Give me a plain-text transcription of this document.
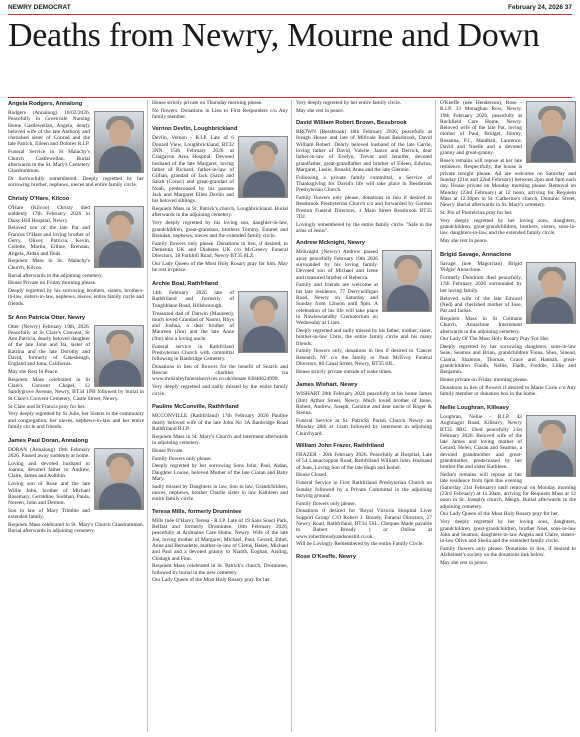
NEWRY DEMOCRAT	February 24, 2026 37
Deaths from Newry, Mourne and Down
Angela Rodgers, Annalong

Rodgers (Annalong) 16/02/2026. Peacefully in Greenvale Nursing Home Castlewellan, Angela, dearly beloved wife of the late Anthony and cherished sister of Conrad and the late Patrick, Eileen and Dolores R.I.P.

Funeral Service in St Malachy's Church Castlewellan. Burial afterwards in the St. Mary's Cemetery Glasdrumman.

Dr Sorrowfully remembered. Deeply regretted by her sorrowing brother, nephews, nieces and entire family circle.

Christy O'Hare, Kilcoo

O'Hare (Kilcoo) Christy died suddenly 17th February 2026 in Daisy Hill Hospital, Newry.

Beloved son of the late Pat and Frances O'Hare and loving brother of Gerry, Oliver, Patricia, Kevin, Collette, Martin, Eithne, Brendan, Angela, Aidan and finds.

Requiem Mass in St. Malachy's Church, Kilcoo.

Burial afterwards in the adjoining cemetery.

House Private on Friday morning please.

Deeply regretted by his sorrowing brothers, sisters, brothers-in-law, sisters-in-law, nephews, nieces, entire family circle and friends.

Sr Ann Patricia Otter, Newry

Otter (Newry) February 19th, 2026. Peacefully at St Clare's Convent, Sr Ann Patricia, dearly beloved daughter of the late John and Ita, sister of Katrina and the late Dorothy and David, formerly of Gatesheagh, England and Iona, California.

May she Rest In Peace.

Requiem Mass celebrated in St Clare's Convent Chapel, 12 Sandygrove Avenue, Newry, BT34 1PB followed by burial in St Clare's Convent Cemetery, Castle Street, Newry.

St Clare and St Francis pray for her.

Very deeply regretted by Sr Julie, her Sisters in the community and congregation, her nieces, nephews-in-law and her entire family circle and friends.

James Paul Doran, Annalong

DORAN (Annalong) 19th February 2026. Passed away suddenly at home.

Loving and devoted husband to Joanna, devoted father to Andrew, Claire, James and Aoibhin.

Loving son of Rose and the late Willie John, brother of Michael Rosemary, Geraldine, Siobhan, Paula, Noreen, John and Dermot.

Son in law of Mary Trimble and extended family.

Requiem Mass celebrated in St. Mary's Church Glasdrumman. Burial afterwards in adjoining cemetery.

House strictly private on Thursday morning please.

No flowers. Donations in Lieu to First Responders c/o Any family member.

Vernon Devlin, Loughbrickland

Devlin, Vernon - R.I.P. Late of 6 Donard View, Loughbrickland, BT32 3NN. 15th February 2026 at Craigavon Area Hospital. Devoted husband of the late Margaret, loving father of Richard, father-in-law of Gillian, grandad of Jack (Sara) and Sarah (Conor) and great-grandad of Noah, predeceased by his parents Jack and Margaret Ellen Devlin and his beloved siblings.

Requiem Mass in St. Patrick's church, Loughbrickland. Burial afterwards in the adjoining cemetery.

Very deeply regretted by his loving son, daughter-in-law, grandchildren, great-grandson, brothers Tommy, Emmet and Brendan, nephews, nieces and the extended family circle.

Family flowers only please. Donations in lieu, if desired, to Dementia UK and Diabetes UK c/o McGreevy Funeral Directors, 18 Forkhill Road, Newry BT35 8LZ.

Our Lady Queen of the Most Holy Rosary pray for him. May he rest in peace.

Archie Boal, Rathfriland

14th February 2026 late of Rathfriland and formerly of Tonghblane Road, Hillsborough.

Treasured dad of Darwin (Maureen), much loved Grandad of Naomi, Rhys and Joshua, a dear brother of Maureen (Jim) and the late Anne (Jim) also a loving uncle.

Funeral service in Rathfriland Presbyterian Church with committal following in Banbridge Cemetery.

Donations in lieu of flowers for the benefit of Search and Rescue charities via www.mckinleyfuneralservices.co.uk/donate 02840624999.

Very deeply regretted and sadly missed by the entire family circle.

Pauline McConville, Rathfriland

MCCONVILLE (Rathfriland) 17th February 2026 Pauline dearly beloved wife of the late John No 3A Banbridge Road Rathfriland R.I.P.

Requiem Mass in St. Mary's Church and interment afterwards in adjoining cemetery.

House Private.

Family flowers only please.

Deeply regretted by her sorrowing Sons John, Paul, Aidan, Daughter Louise, beloved Mother of the late Ciaran and Baby Mary.

Sadly missed by Daughters in law, Son in law, Grandchildren, nieces, nephews, brother Charlie sister in law Kathleen and entire family circle.

Teresa Mills, formerly Drumintee

Mills (née O'Hare), Teresa - R.I.P. Late of 19 Sans Souci Park, Belfast and formerly Drumintee. 18th February 2026, peacefully at Ardmaine Care Home, Newry. Wife of the late Joe, loving mother of Margaret, Michael, Paul, Gerard, Ethel, Anne and Bernadette, mother-in-law of Cletus, Helen, Michael and Paul and a devoted granny to Niamh, Eoghan, Aisling, Clodagh and Finn.

Requiem Mass celebrated in St. Patrick's church, Dromintee, followed by burial in the new cemetery.

Our Lady Queen of the Most Holy Rosary pray for her.

Very deeply regretted by her entire family circle.

May she rest in peace.

David William Robert Brown, Bessbrook

BROWN (Bessbrook) 18th February 2026, peacefully at Iveagh House and late of Millvale Road Bessbrook, David William Robert. Dearly beloved husband of the late Carrie, loving father of David, Valerie, Janice and Derrick, dear father-in-law of Evelyn, Trevor and Jennifer, devoted grandfather, great-grandfather and brother of Eileen, Edwina, Margaret, Leslie, Ronald, Anne and the late Glennie.

Following a private family committal, a Service of Thanksgiving for David's life will take place in Bessbrook Presbyterian Church.

Family flowers only please, donations in lieu if desired to Bessbrook Presbyterian Church c/o and forwarded by Gordon Preston Funeral Directors, 1 Main Street Bessbrook BT35 7DJ.

Lovingly remembered by the entire family circle. "Safe in the arms of Jesus".

Andrew Mcknight, Newry

McKnight (Newry) Andrew passed away peacefully February 19th 2026 surrounded by his loving family. Devoted son of Michael and Irene and treasured brother of Rebecca.

Family and friends are welcome at his late residence, 77 Derrywilligan Road, Newry on Saturday and Sunday from 12noon until 9pm. A celebration of his life will take place in Nawlewsandby Crematorium on Wednesday at 11am.

Deeply regretted and sadly missed by his father, mother, sister, brother-in-law Chris, the entire family circle and his many friends.

Family flowers only, donations in lieu if desired to 'Cancer Research NI' c/o the family or Paul McEvoy Funeral Directors, 80 Canal Street, Newry, BT35 6JL.

House strictly private outside of wake times.

James Wishart, Newry

WISHART 20th February 2026 peacefully at his home James (Jim) Arthur Street, Newry. Much loved brother of Irene, Robert, Andrew, Joseph, Caroline and dear uncle of Roger & Sienna.

Funeral Service at St. Patricks Parish Church Newry on Monday 28th at 11am followed by interment in adjoining Churchyard.

William John Frazer, Rathfriland

FRAZER - 20th February 2026. Peacefully at Hospital, Late of 54 Lisnacroppan Road, Rathfriland William John. Husband of Joan, Loving Son of the late Hugh and Isobel.

House Closed.

Funeral Service in First Rathfriland Presbyterian Church on Sunday followed by a Private Committal in the adjoining burying ground.

Family flowers only please.

Donations if desired for 'Royal Victoria Hospital Liver Support Group' C/O Robert J. Bready, Funeral Directors, 27 Newry Road, Rathfriland, BT34 5SL. Cheques Made payable to Robert Bready ) or Online at www.robertbreadyandsonsltd.co.uk.

Will be Lovingly Remembered by the entire Family Circle.

Rose O'Keeffe, Newry

O'Keeffe (née Henderson), Rose - R.I.P. 33 Monaghan Row, Newry. 19th February 2026, peacefully at Rockfield Care Home, Newry. Beloved wife of the late Pat, loving mother of Paul, Bridget, Jimmy, Rosanna, P.J., Maidhail, Laurence, David and Noelle and a devoted granny and great-granny.

Rose's remains will repose at her late residence. Respectfully, the house is private tonight please. All are welcome on Saturday and Sunday (21st and 22nd February) between 2pm and 9pm each day. House private on Monday morning please. Removal on Monday (23rd February) at 12 noon, arriving for Requiem Mass at 12.30pm in St. Catherine's church, Dominic Street, Newry. Burial afterwards in St. Mary's cemetery.

St. Pio of Pietrelcina pray for her.

Very deeply regretted by her loving sons, daughters, grandchildren, great-grandchildren, brothers, sisters, sons-in-law, daughters-in-law, and the extended family circle.

May she rest in peace.

Brigid Savage, Annaclone

Savage (nee Magorrian) Brigid 'Pidgie' Annaclone.

Formerly Dundrum died peacefully, 17th February 2026 surrounded by her loving family.

Beloved wife of the late Edward (Ned) and cherished mother of Jose, Pat and Jackie.

Requiem Mass in St Colmans Church, Annaclone Internment afterwards in the adjoining cemetery.

Our Lady Of The Most Holy Rosary Pray For Her.

Deeply regretted by her sorrowing daughters, sons-in-law Sean, Seamus and Brian, grandchildren Fiona, Shea, Sinead, Cianna, Shannon, Thomas, Grace and Hannah, great-grandchildren Fiaidh, Nellie, Fiadh, Freddie, Lillie and Benjamin.

House private on Friday morning please.

Donations in lieu of flowers if desired to Marie Curie c/o Any family member or donation box in the home.

Nellie Loughran, Killeavy

Loughran, Nellie - R.I.P. 43 Aughnagur Road, Killeavy, Newry BT35 8RG. Died peacefully 21st February 2026. Beloved wife of the late James and loving mother of Gerard, Helen, Ciaran and Seamus, a devoted grandmother and great-grandmother, predeceased by her brother Pat and sister Kathleen.

Nellie's remains will repose at her late residence from 6pm this evening (Saturday 21st February) until removal on Monday morning (23rd February) at 11.30am, arriving for Requiem Mass at 12 noon in St. Joseph's church, Meigh. Burial afterwards in the adjoining cemetery.

Our Lady Queen of the Most Holy Rosary pray for her.

Very deeply regretted by her loving sons, daughters, grandchildren, great-grandchildren, brother Noel, sons-in-law John and Seamus, daughters-in-law Angela and Claire, sisters-in-law Olive and Sheila and the extended family circle.

Family flowers only please. Donations in lieu, if desired to Alzheimer's society on the donations link below.

May she rest in peace.
